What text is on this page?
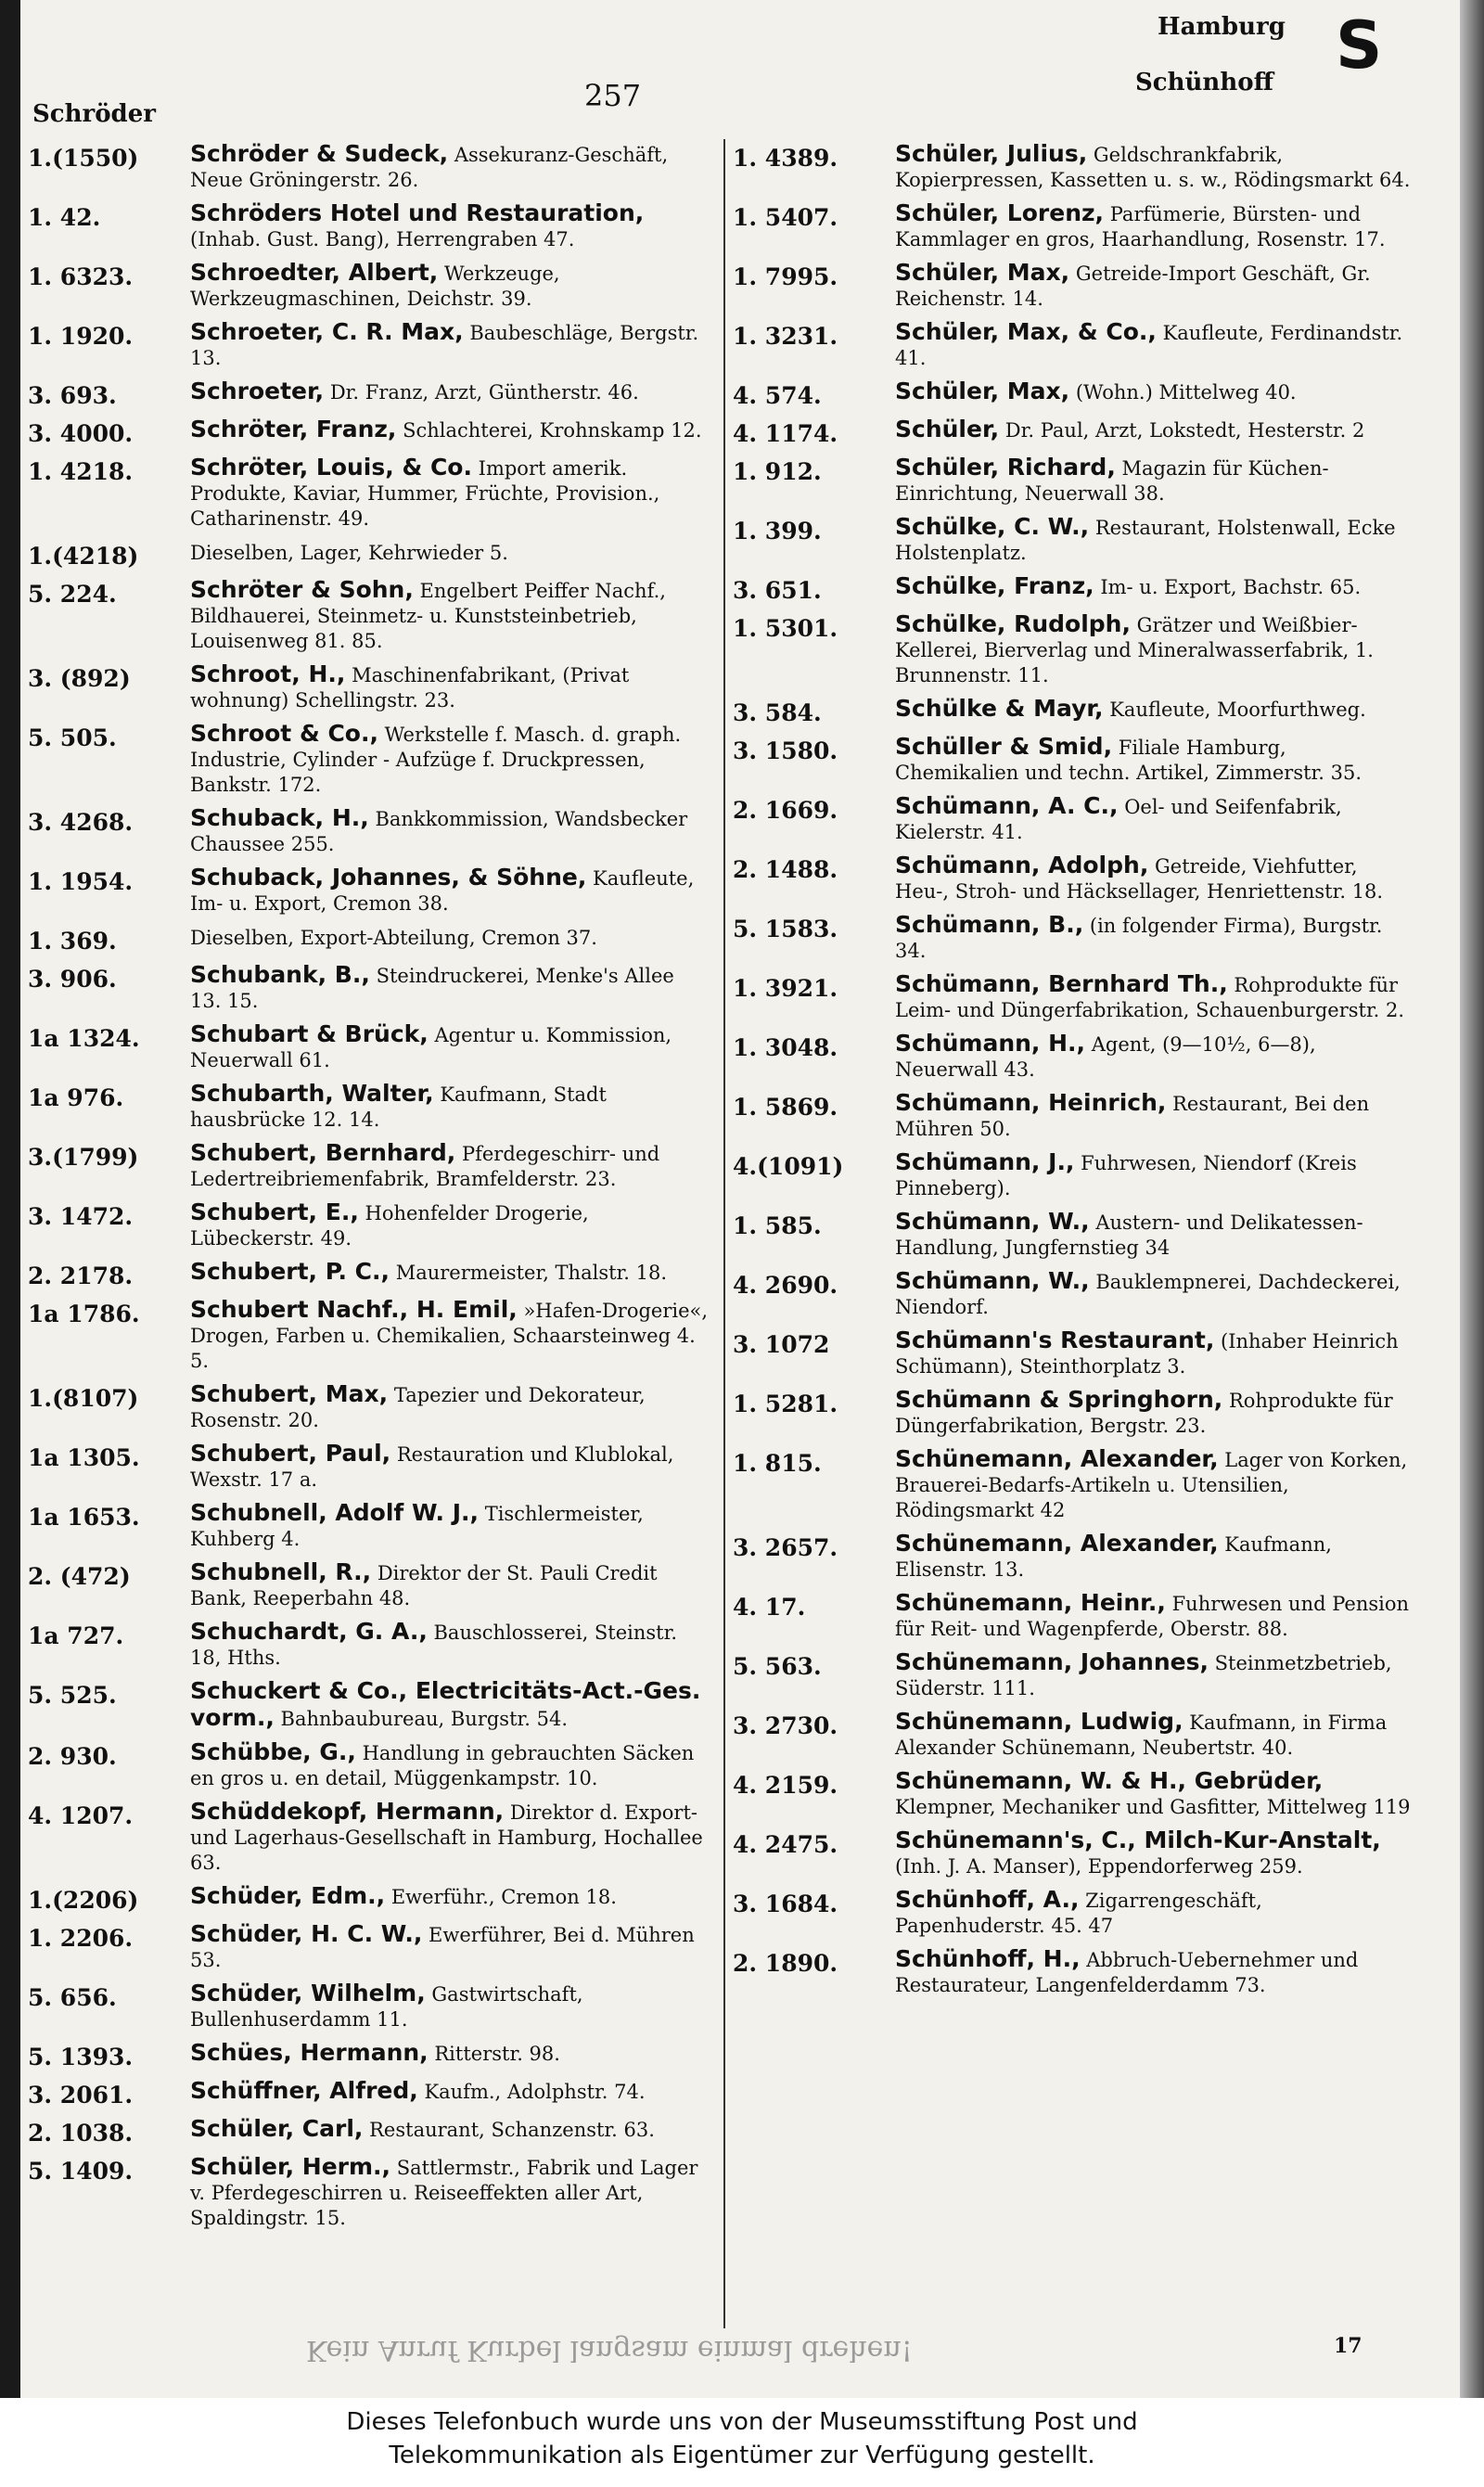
Schröder
257
Hamburg
Schünhoff S
1.(1550)	Schröder & Sudeck, Assekuranz-Geschäft, Neue Gröningerstr. 26.
1. 42.	Schröders Hotel und Restauration, (Inhab. Gust. Bang), Herrengraben 47.
1. 6323.	Schroedter, Albert, Werkzeuge, Werkzeugmaschinen, Deichstr. 39.
1. 1920.	Schroeter, C. R. Max, Baubeschläge, Bergstr. 13.
3. 693.	Schroeter, Dr. Franz, Arzt, Güntherstr. 46.
3. 4000.	Schröter, Franz, Schlachterei, Krohnskamp 12.
1. 4218.	Schröter, Louis, & Co. Import amerik. Produkte, Kaviar, Hummer, Früchte, Provision., Catharinenstr. 49.
1.(4218)	Dieselben, Lager, Kehrwieder 5.
5. 224.	Schröter & Sohn, Engelbert Peiffer Nachf., Bildhauerei, Steinmetz- u. Kunststeinbetrieb, Louisenweg 81. 85.
3. (892)	Schroot, H., Maschinenfabrikant, (Privat wohnung) Schellingstr. 23.
5. 505.	Schroot & Co., Werkstelle f. Masch. d. graph. Industrie, Cylinder - Aufzüge f. Druckpressen, Bankstr. 172.
3. 4268.	Schuback, H., Bankkommission, Wandsbecker Chaussee 255.
1. 1954.	Schuback, Johannes, & Söhne, Kaufleute, Im- u. Export, Cremon 38.
1. 369.	Dieselben, Export-Abteilung, Cremon 37.
3. 906.	Schubank, B., Steindruckerei, Menke's Allee 13. 15.
1a 1324.	Schubart & Brück, Agentur u. Kommission, Neuerwall 61.
1a 976.	Schubarth, Walter, Kaufmann, Stadt hausbrücke 12. 14.
3.(1799)	Schubert, Bernhard, Pferdegeschirr- und Ledertreibriemenfabrik, Bramfelderstr. 23.
3. 1472.	Schubert, E., Hohenfelder Drogerie, Lübeckerstr. 49.
2. 2178.	Schubert, P. C., Maurermeister, Thalstr. 18.
1a 1786.	Schubert Nachf., H. Emil, »Hafen-Drogerie«, Drogen, Farben u. Chemikalien, Schaarsteinweg 4. 5.
1.(8107)	Schubert, Max, Tapezier und Dekorateur, Rosenstr. 20.
1a 1305.	Schubert, Paul, Restauration und Klublokal, Wexstr. 17 a.
1a 1653.	Schubnell, Adolf W. J., Tischlermeister, Kuhberg 4.
2. (472)	Schubnell, R., Direktor der St. Pauli Credit Bank, Reeperbahn 48.
1a 727.	Schuchardt, G. A., Bauschlosserei, Steinstr. 18, Hths.
5. 525.	Schuckert & Co., Electricitäts-Act.-Ges. vorm., Bahnbaubureau, Burgstr. 54.
2. 930.	Schübbe, G., Handlung in gebrauchten Säcken en gros u. en detail, Müggenkampstr. 10.
4. 1207.	Schüddekopf, Hermann, Direktor d. Export- und Lagerhaus-Gesellschaft in Hamburg, Hochallee 63.
1.(2206)	Schüder, Edm., Ewerführ., Cremon 18.
1. 2206.	Schüder, H. C. W., Ewerführer, Bei d. Mühren 53.
5. 656.	Schüder, Wilhelm, Gastwirtschaft, Bullenhuserdamm 11.
5. 1393.	Schües, Hermann, Ritterstr. 98.
3. 2061.	Schüffner, Alfred, Kaufm., Adolphstr. 74.
2. 1038.	Schüler, Carl, Restaurant, Schanzenstr. 63.
5. 1409.	Schüler, Herm., Sattlermstr., Fabrik und Lager v. Pferdegeschirren u. Reiseeffekten aller Art, Spaldingstr. 15.
1. 4389.	Schüler, Julius, Geldschrankfabrik, Kopierpressen, Kassetten u. s. w., Rödingsmarkt 64.
1. 5407.	Schüler, Lorenz, Parfümerie, Bürsten- und Kammlager en gros, Haarhandlung, Rosenstr. 17.
1. 7995.	Schüler, Max, Getreide-Import Geschäft, Gr. Reichenstr. 14.
1. 3231.	Schüler, Max, & Co., Kaufleute, Ferdinandstr. 41.
4. 574.	Schüler, Max, (Wohn.) Mittelweg 40.
4. 1174.	Schüler, Dr. Paul, Arzt, Lokstedt, Hesterstr. 2
1. 912.	Schüler, Richard, Magazin für Küchen-Einrichtung, Neuerwall 38.
1. 399.	Schülke, C. W., Restaurant, Holstenwall, Ecke Holstenplatz.
3. 651.	Schülke, Franz, Im- u. Export, Bachstr. 65.
1. 5301.	Schülke, Rudolph, Grätzer und Weißbier-Kellerei, Bierverlag und Mineralwasserfabrik, 1. Brunnenstr. 11.
3. 584.	Schülke & Mayr, Kaufleute, Moorfurthweg.
3. 1580.	Schüller & Smid, Filiale Hamburg, Chemikalien und techn. Artikel, Zimmerstr. 35.
2. 1669.	Schümann, A. C., Oel- und Seifenfabrik, Kielerstr. 41.
2. 1488.	Schümann, Adolph, Getreide, Viehfutter, Heu-, Stroh- und Häcksellager, Henriettenstr. 18.
5. 1583.	Schümann, B., (in folgender Firma), Burgstr. 34.
1. 3921.	Schümann, Bernhard Th., Rohprodukte für Leim- und Düngerfabrikation, Schauenburgerstr. 2.
1. 3048.	Schümann, H., Agent, (9—10½, 6—8), Neuerwall 43.
1. 5869.	Schümann, Heinrich, Restaurant, Bei den Mühren 50.
4.(1091)	Schümann, J., Fuhrwesen, Niendorf (Kreis Pinneberg).
1. 585.	Schümann, W., Austern- und Delikatessen-Handlung, Jungfernstieg 34
4. 2690.	Schümann, W., Bauklempnerei, Dachdeckerei, Niendorf.
3. 1072	Schümann's Restaurant, (Inhaber Heinrich Schümann), Steinthorplatz 3.
1. 5281.	Schümann & Springhorn, Rohprodukte für Düngerfabrikation, Bergstr. 23.
1. 815.	Schünemann, Alexander, Lager von Korken, Brauerei-Bedarfs-Artikeln u. Utensilien, Rödingsmarkt 42
3. 2657.	Schünemann, Alexander, Kaufmann, Elisenstr. 13.
4. 17.	Schünemann, Heinr., Fuhrwesen und Pension für Reit- und Wagenpferde, Oberstr. 88.
5. 563.	Schünemann, Johannes, Steinmetzbetrieb, Süderstr. 111.
3. 2730.	Schünemann, Ludwig, Kaufmann, in Firma Alexander Schünemann, Neubertstr. 40.
4. 2159.	Schünemann, W. & H., Gebrüder, Klempner, Mechaniker und Gasfitter, Mittelweg 119
4. 2475.	Schünemann's, C., Milch-Kur-Anstalt, (Inh. J. A. Manser), Eppendorferweg 259.
3. 1684.	Schünhoff, A., Zigarrengeschäft, Papenhuderstr. 45. 47
2. 1890.	Schünhoff, H., Abbruch-Uebernehmer und Restaurateur, Langenfelderdamm 73.
Kein Anruf Kurbel langsam einmal drehen!	17
Dieses Telefonbuch wurde uns von der Museumsstiftung Post und
Telekommunikation als Eigentümer zur Verfügung gestellt.
